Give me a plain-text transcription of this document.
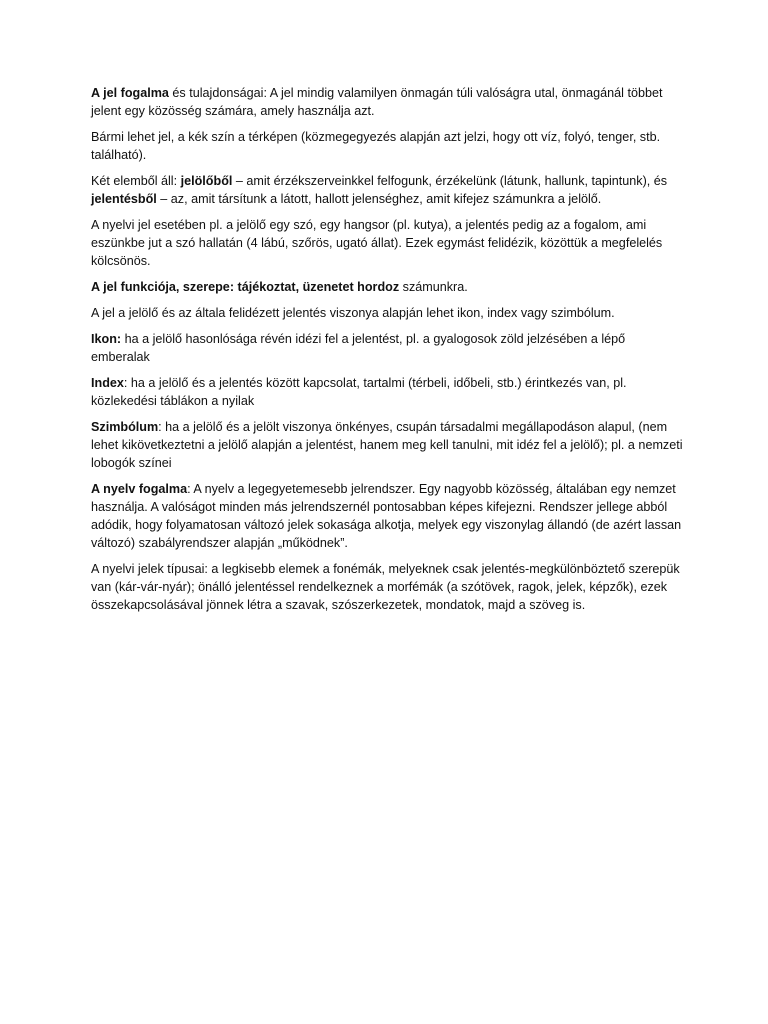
A jel fogalma és tulajdonságai: A jel mindig valamilyen önmagán túli valóságra utal, önmagánál többet jelent egy közösség számára, amely használja azt.

Bármi lehet jel, a kék szín a térképen (közmegegyezés alapján azt jelzi, hogy ott víz, folyó, tenger, stb. található).

Két elemből áll: jelölőből – amit érzékszerveinkkel felfogunk, érzékelünk (látunk, hallunk, tapintunk), és jelentésből – az, amit társítunk a látott, hallott jelenséghez, amit kifejez számunkra a jelölő.

A nyelvi jel esetében pl. a jelölő egy szó, egy hangsor (pl. kutya), a jelentés pedig az a fogalom, ami eszünkbe jut a szó hallatán (4 lábú, szőrös, ugató állat). Ezek egymást felidézik, közöttük a megfelelés kölcsönös.

A jel funkciója, szerepe: tájékoztat, üzenetet hordoz számunkra.

A jel a jelölő és az általa felidézett jelentés viszonya alapján lehet ikon, index vagy szimbólum.

Ikon: ha a jelölő hasonlósága révén idézi fel a jelentést, pl. a gyalogosok zöld jelzésében a lépő emberalak

Index: ha a jelölő és a jelentés között kapcsolat, tartalmi (térbeli, időbeli, stb.) érintkezés van, pl. közlekedési táblákon a nyilak

Szimbólum: ha a jelölő és a jelölt viszonya önkényes, csupán társadalmi megállapodáson alapul, (nem lehet kikövetkeztetni a jelölő alapján a jelentést, hanem meg kell tanulni, mit idéz fel a jelölő); pl. a nemzeti lobogók színei

A nyelv fogalma: A nyelv a legegyetemesebb jelrendszer. Egy nagyobb közösség, általában egy nemzet használja. A valóságot minden más jelrendszernél pontosabban képes kifejezni. Rendszer jellege abból adódik, hogy folyamatosan változó jelek sokasága alkotja, melyek egy viszonylag állandó (de azért lassan változó) szabályrendszer alapján „működnek”.

A nyelvi jelek típusai: a legkisebb elemek a fonémák, melyeknek csak jelentés-megkülönböztető szerepük van (kár-vár-nyár); önálló jelentéssel rendelkeznek a morfémák (a szótövek, ragok, jelek, képzők), ezek összekapcsolásával jönnek létra a szavak, szószerkezetek, mondatok, majd a szöveg is.
